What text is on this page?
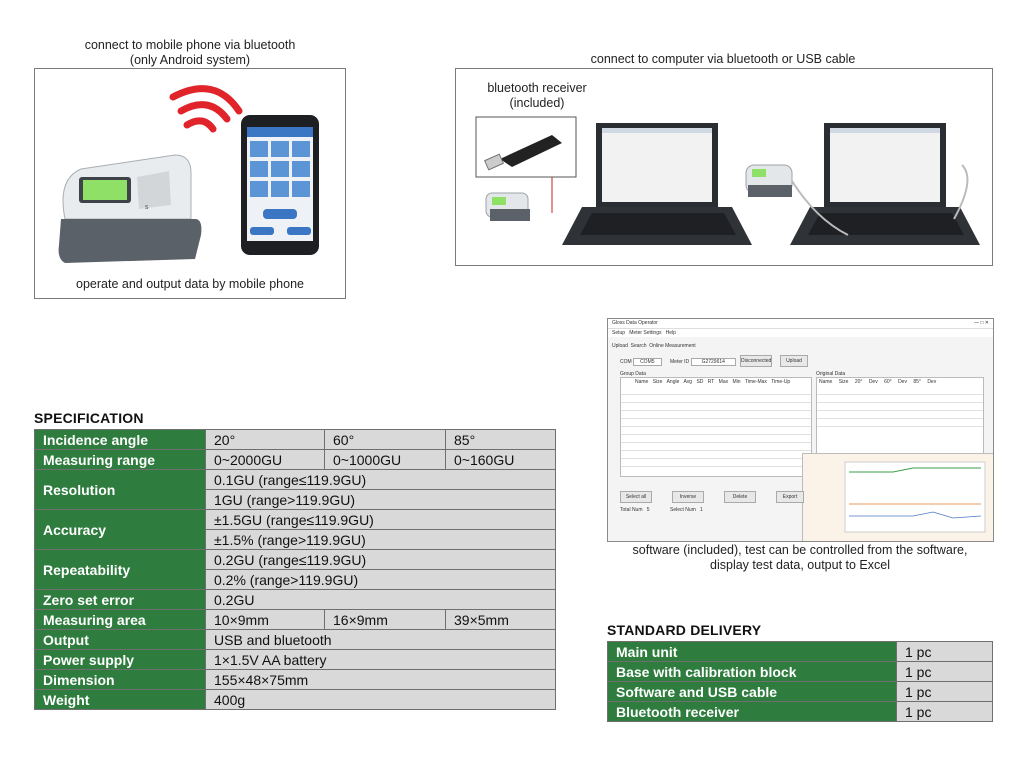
connect to mobile phone via bluetooth
(only Android system)
S
operate and output data by mobile phone
connect to computer via bluetooth or USB cable
bluetooth receiver
(included)
SPECIFICATION
Incidence angle	20°	60°	85°
Measuring range	0~2000GU	0~1000GU	0~160GU
Resolution	0.1GU (range≤119.9GU)		
	1GU (range>119.9GU)		
Accuracy	±1.5GU (range≤119.9GU)		
	±1.5% (range>119.9GU)		
Repeatability	0.2GU (range≤119.9GU)		
	0.2% (range>119.9GU)		
Zero set error	0.2GU		
Measuring area	10×9mm	16×9mm	39×5mm
Output	USB and bluetooth		
Power supply	1×1.5V AA battery		
Dimension	155×48×75mm		
Weight	400g		
Gloss Data Operator	— □ ✕
Setup Meter Settings Help
Upload Search Online Measurement
COM COM5	Meter ID G2729614	Disconnected	Upload
Group Data	Original Data
Name Size Angle Avg SD RT Max Min Time-Max Time-Up	Name Size 20° Dev 60° Dev 85° Dev
Select all	Inverse	Delete	Export
Total Num 5	Select Num 1
software (included), test can be controlled from the software,
display test data, output to Excel
STANDARD DELIVERY
Main unit	1 pc
Base with calibration block	1 pc
Software and USB cable	1 pc
Bluetooth receiver	1 pc
